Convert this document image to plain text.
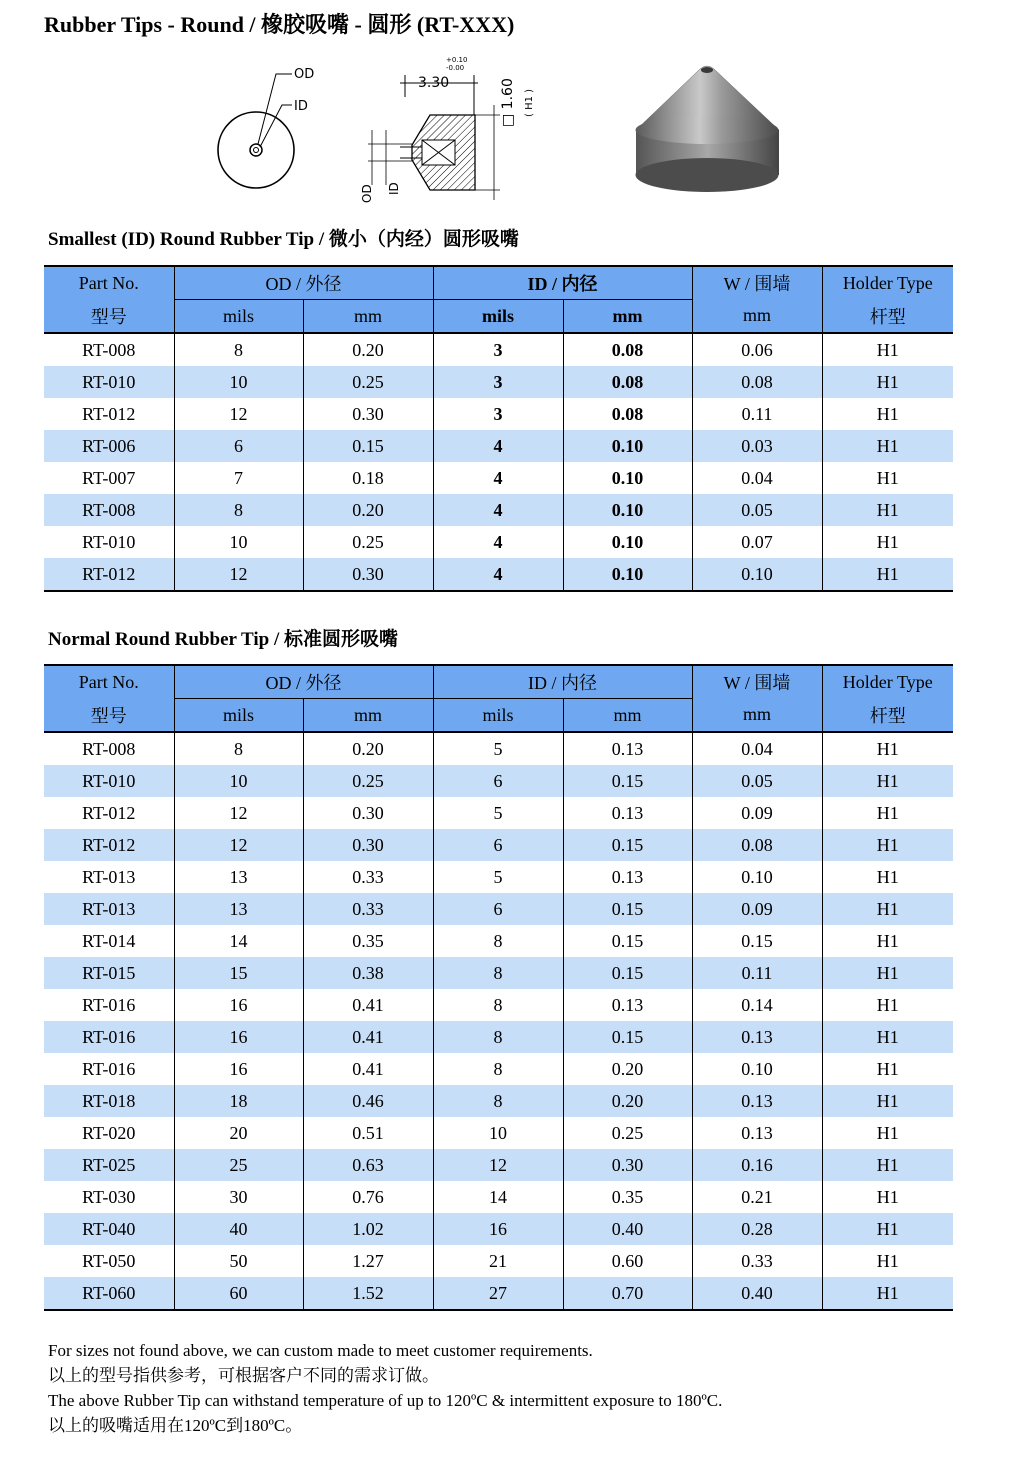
Rubber Tips - Round / 橡胶吸嘴 - 圆形 (RT-XXX)
OD
ID
3.30
+0.10
-0.00
OD ID
□ 1.60 ( H1 )
Smallest (ID) Round Rubber Tip / 微小（内经）圆形吸嘴
Part No.	OD / 外径		ID / 内径		W / 围墙	Holder Type
型号	mils	mm	mils	mm	mm	杆型
RT-008	8	0.20	3	0.08	0.06	H1
RT-010	10	0.25	3	0.08	0.08	H1
RT-012	12	0.30	3	0.08	0.11	H1
RT-006	6	0.15	4	0.10	0.03	H1
RT-007	7	0.18	4	0.10	0.04	H1
RT-008	8	0.20	4	0.10	0.05	H1
RT-010	10	0.25	4	0.10	0.07	H1
RT-012	12	0.30	4	0.10	0.10	H1
Normal Round Rubber Tip / 标准圆形吸嘴
Part No.	OD / 外径		ID / 内径		W / 围墙	Holder Type
型号	mils	mm	mils	mm	mm	杆型
RT-008	8	0.20	5	0.13	0.04	H1
RT-010	10	0.25	6	0.15	0.05	H1
RT-012	12	0.30	5	0.13	0.09	H1
RT-012	12	0.30	6	0.15	0.08	H1
RT-013	13	0.33	5	0.13	0.10	H1
RT-013	13	0.33	6	0.15	0.09	H1
RT-014	14	0.35	8	0.15	0.15	H1
RT-015	15	0.38	8	0.15	0.11	H1
RT-016	16	0.41	8	0.13	0.14	H1
RT-016	16	0.41	8	0.15	0.13	H1
RT-016	16	0.41	8	0.20	0.10	H1
RT-018	18	0.46	8	0.20	0.13	H1
RT-020	20	0.51	10	0.25	0.13	H1
RT-025	25	0.63	12	0.30	0.16	H1
RT-030	30	0.76	14	0.35	0.21	H1
RT-040	40	1.02	16	0.40	0.28	H1
RT-050	50	1.27	21	0.60	0.33	H1
RT-060	60	1.52	27	0.70	0.40	H1
For sizes not found above, we can custom made to meet customer requirements.
以上的型号指供参考，可根据客户不同的需求订做。
The above Rubber Tip can withstand temperature of up to 120ºC & intermittent exposure to 180ºC.
以上的吸嘴适用在120ºC到180ºC。
